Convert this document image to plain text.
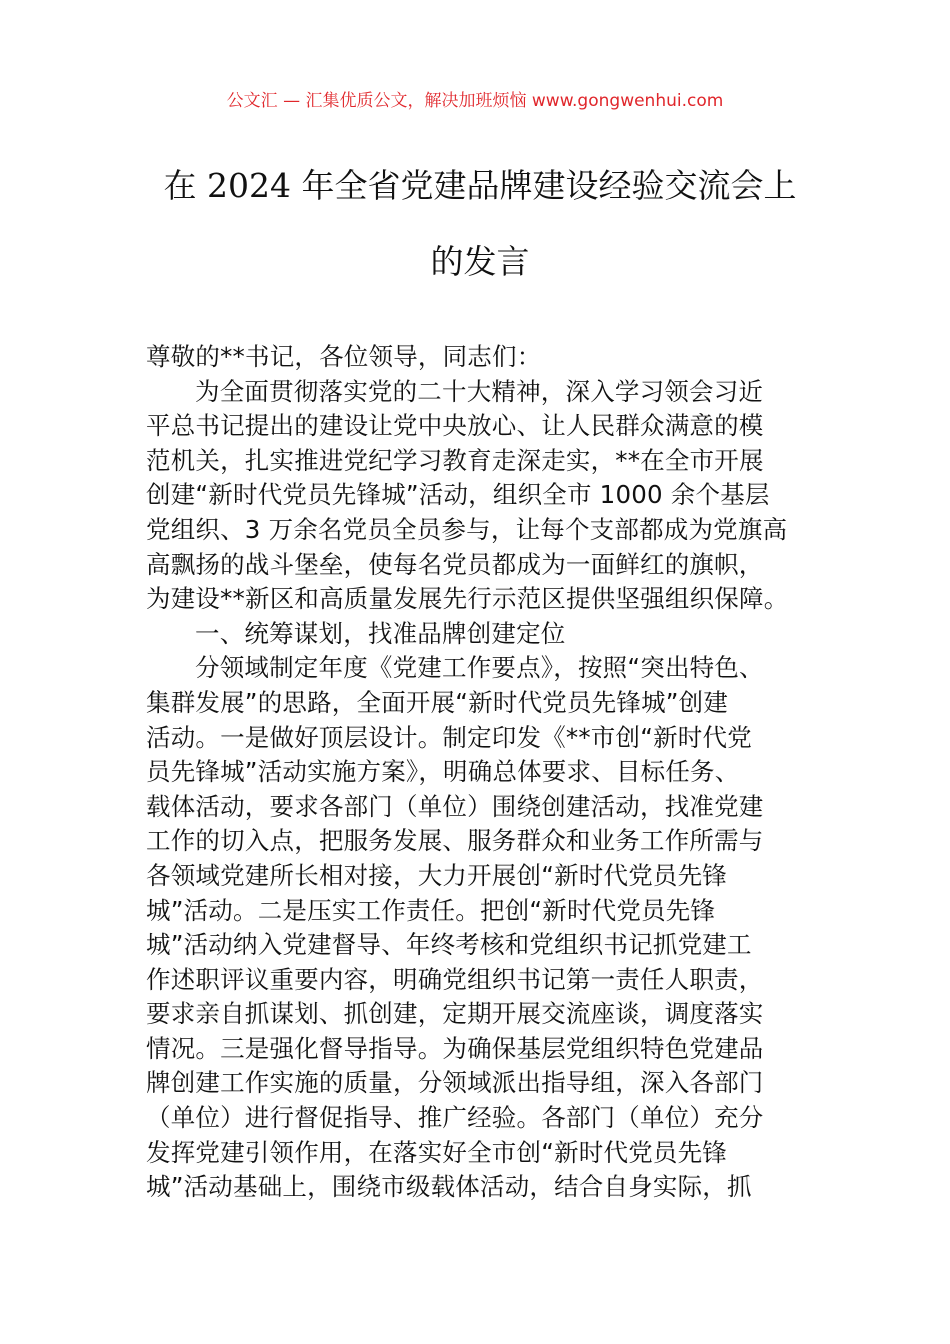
公文汇 — 汇集优质公文，解决加班烦恼 www.gongwenhui.com
在 2024 年全省党建品牌建设经验交流会上
的发言
尊敬的**书记，各位领导，同志们：
为全面贯彻落实党的二十大精神，深入学习领会习近
平总书记提出的建设让党中央放心、让人民群众满意的模
范机关，扎实推进党纪学习教育走深走实，**在全市开展
创建“新时代党员先锋城”活动，组织全市 1000 余个基层
党组织、3 万余名党员全员参与，让每个支部都成为党旗高
高飘扬的战斗堡垒，使每名党员都成为一面鲜红的旗帜，
为建设**新区和高质量发展先行示范区提供坚强组织保障。
一、统筹谋划，找准品牌创建定位
分领域制定年度《党建工作要点》，按照“突出特色、
集群发展”的思路，全面开展“新时代党员先锋城”创建
活动。一是做好顶层设计。制定印发《**市创“新时代党
员先锋城”活动实施方案》，明确总体要求、目标任务、
载体活动，要求各部门（单位）围绕创建活动，找准党建
工作的切入点，把服务发展、服务群众和业务工作所需与
各领域党建所长相对接，大力开展创“新时代党员先锋
城”活动。二是压实工作责任。把创“新时代党员先锋
城”活动纳入党建督导、年终考核和党组织书记抓党建工
作述职评议重要内容，明确党组织书记第一责任人职责，
要求亲自抓谋划、抓创建，定期开展交流座谈，调度落实
情况。三是强化督导指导。为确保基层党组织特色党建品
牌创建工作实施的质量，分领域派出指导组，深入各部门
（单位）进行督促指导、推广经验。各部门（单位）充分
发挥党建引领作用，在落实好全市创“新时代党员先锋
城”活动基础上，围绕市级载体活动，结合自身实际，抓
